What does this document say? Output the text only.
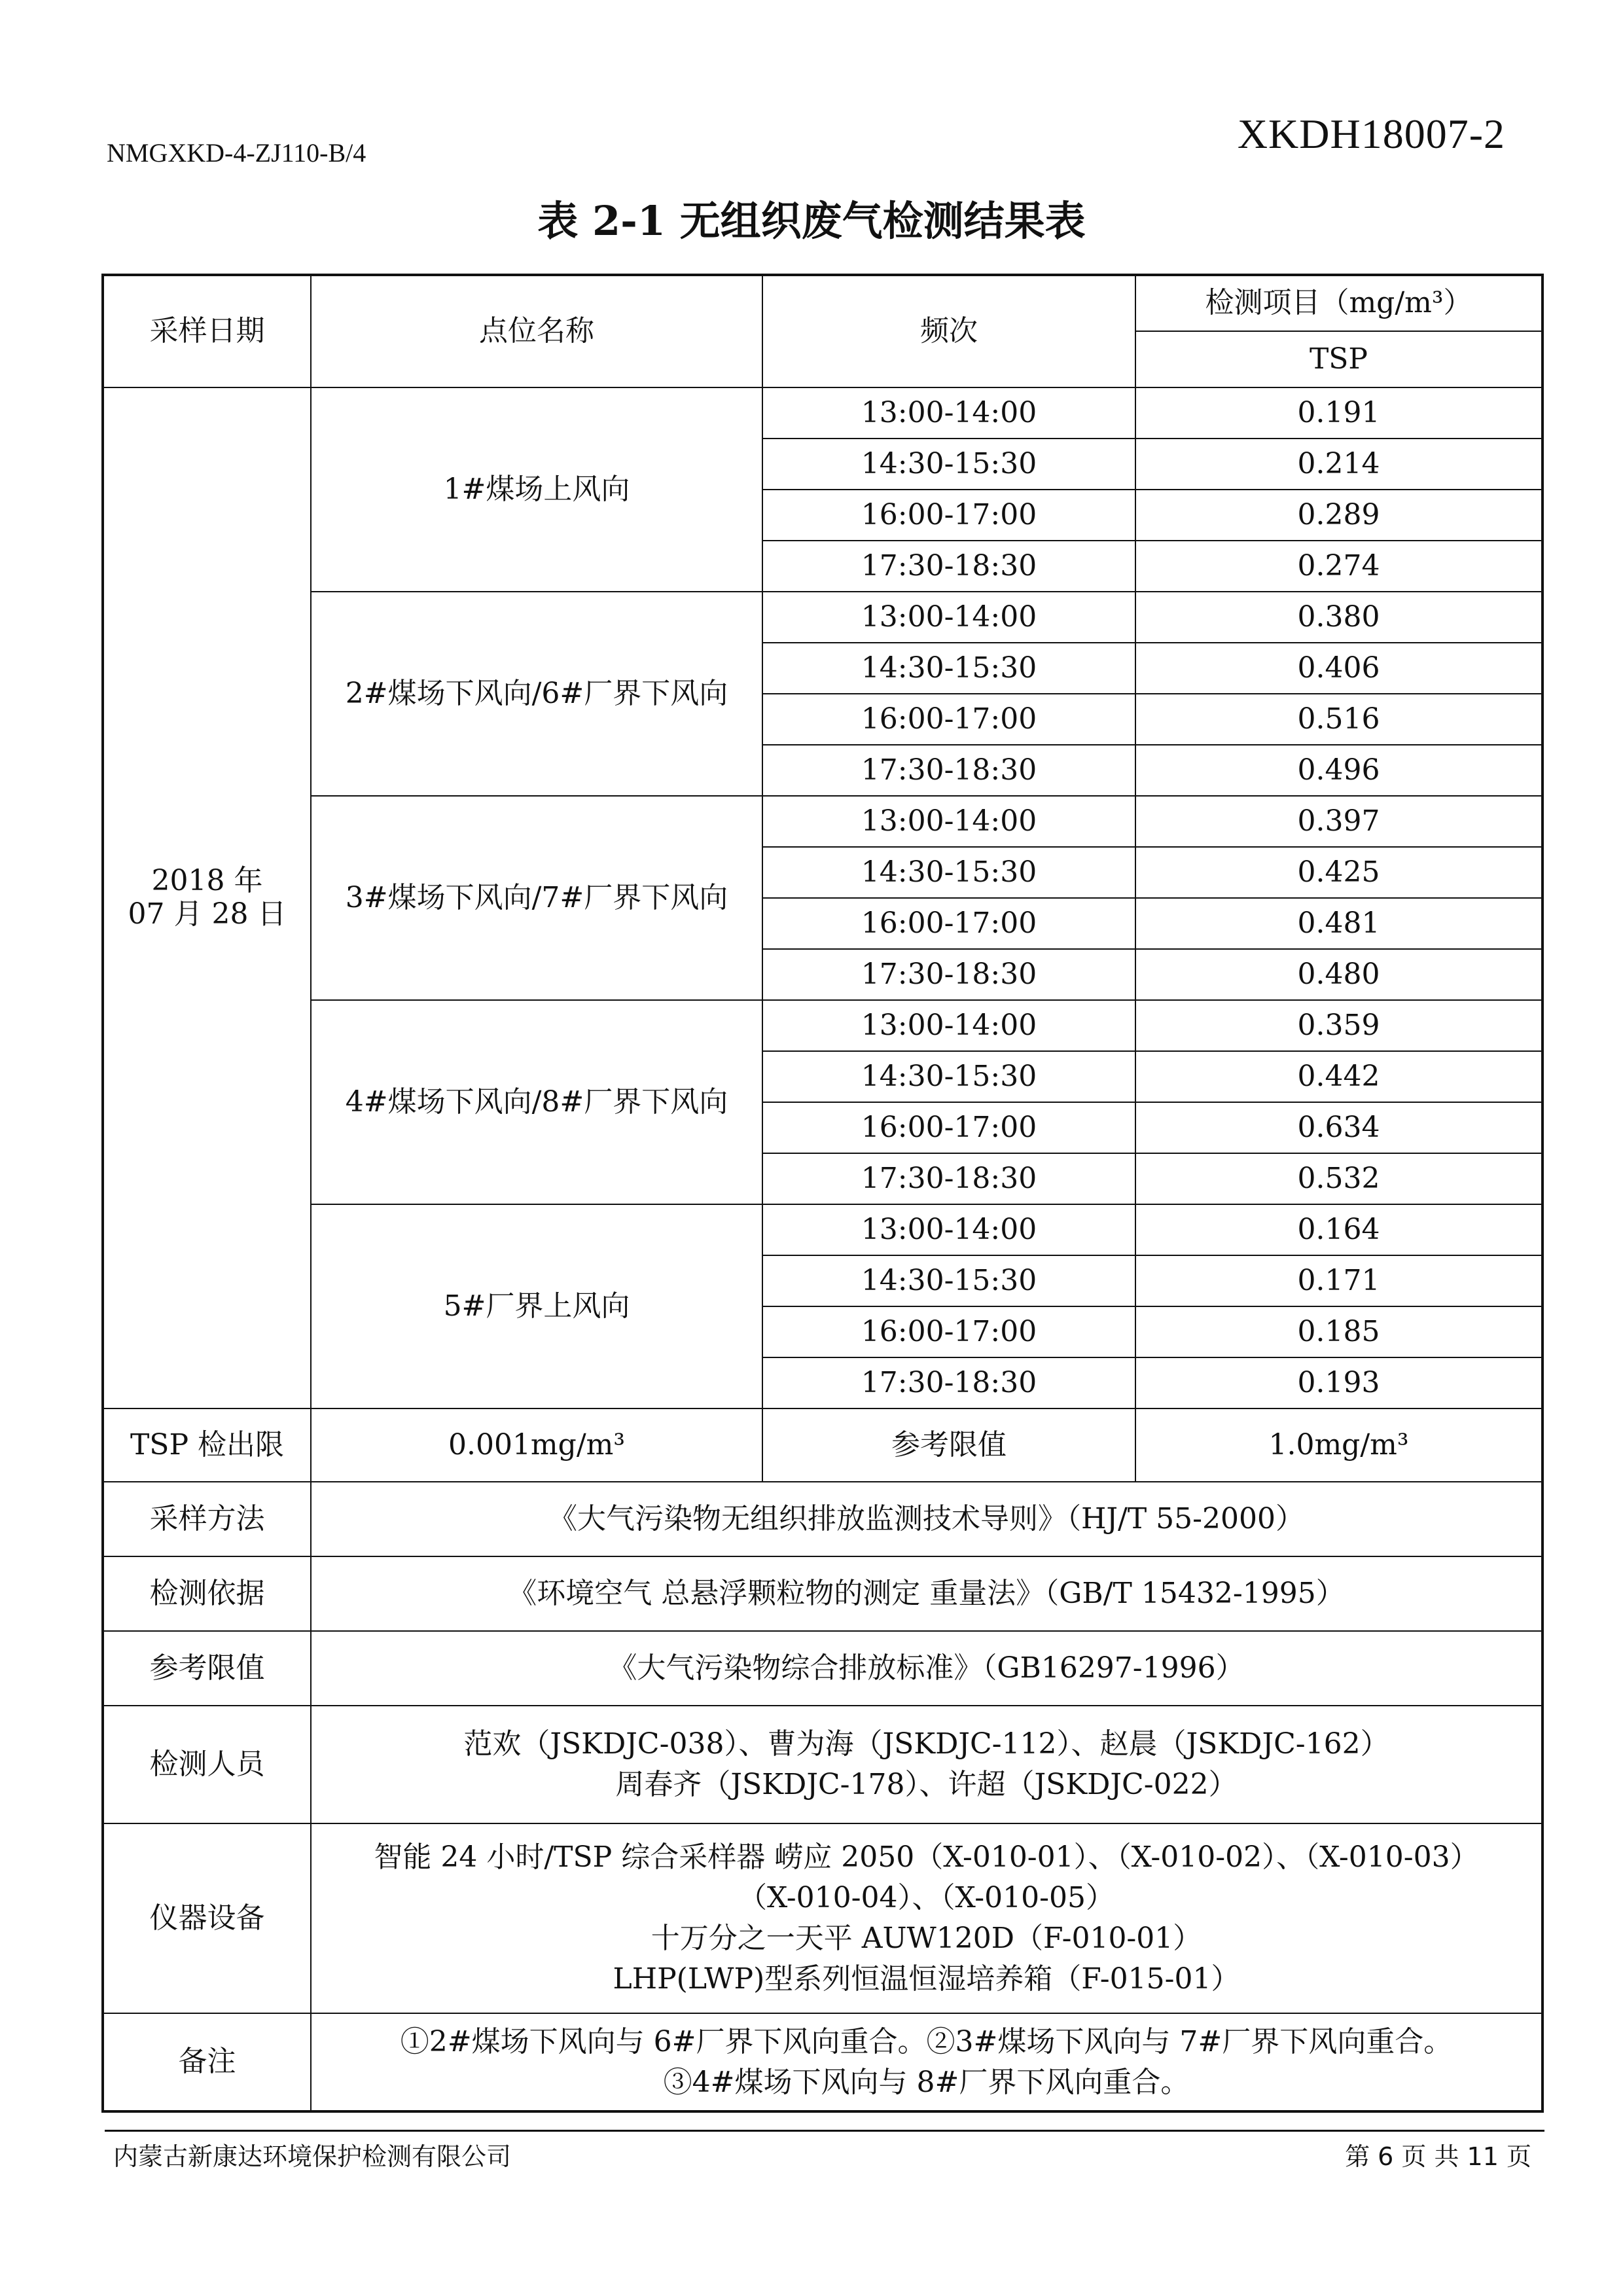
NMGXKD-4-ZJ110-B/4	XKDH18007-2
表 2-1 无组织废气检测结果表
采样日期	点位名称	频次	检测项目（mg/m³）
			TSP

2018 年
07 月 28 日	1#煤场上风向	13:00-14:00	0.191
		14:30-15:30	0.214
		16:00-17:00	0.289
		17:30-18:30	0.274
	2#煤场下风向/6#厂界下风向	13:00-14:00	0.380
		14:30-15:30	0.406
		16:00-17:00	0.516
		17:30-18:30	0.496
	3#煤场下风向/7#厂界下风向	13:00-14:00	0.397
		14:30-15:30	0.425
		16:00-17:00	0.481
		17:30-18:30	0.480
	4#煤场下风向/8#厂界下风向	13:00-14:00	0.359
		14:30-15:30	0.442
		16:00-17:00	0.634
		17:30-18:30	0.532
	5#厂界上风向	13:00-14:00	0.164
		14:30-15:30	0.171
		16:00-17:00	0.185
		17:30-18:30	0.193
TSP 检出限	0.001mg/m³	参考限值	1.0mg/m³
采样方法	《大气污染物无组织排放监测技术导则》（HJ/T 55-2000）		
检测依据	《环境空气 总悬浮颗粒物的测定 重量法》（GB/T 15432-1995）		
参考限值	《大气污染物综合排放标准》（GB16297-1996）		
检测人员	范欢（JSKDJC-038）、曹为海（JSKDJC-112）、赵晨（JSKDJC-162）
周春齐（JSKDJC-178）、许超（JSKDJC-022）		

仪器设备	智能 24 小时/TSP 综合采样器 崂应 2050（X-010-01）、（X-010-02）、（X-010-03）
（X-010-04）、（X-010-05）
十万分之一天平 AUW120D（F-010-01）
LHP(LWP)型系列恒温恒湿培养箱（F-015-01）		

备注	①2#煤场下风向与 6#厂界下风向重合。②3#煤场下风向与 7#厂界下风向重合。
③4#煤场下风向与 8#厂界下风向重合。		
内蒙古新康达环境保护检测有限公司	第 6 页 共 11 页
